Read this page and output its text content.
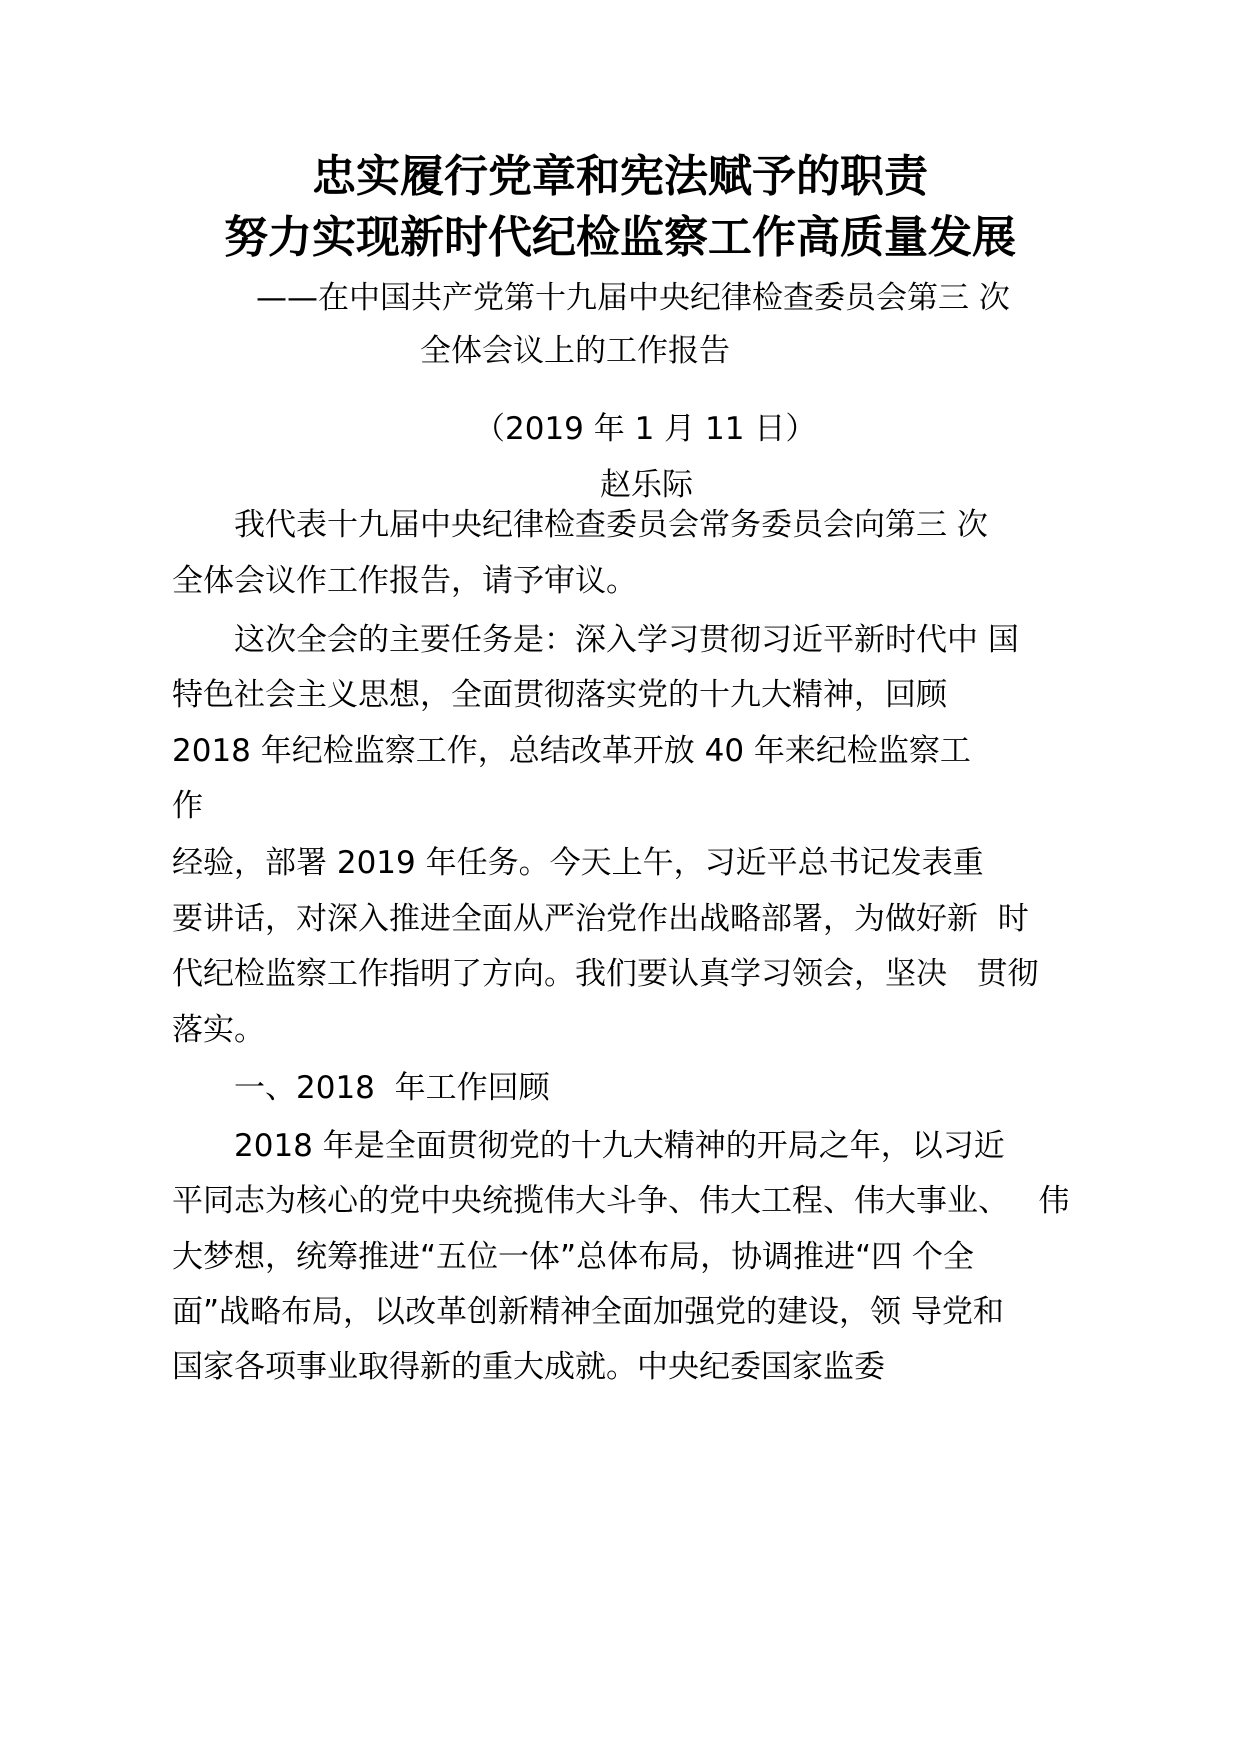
忠实履行党章和宪法赋予的职责
努力实现新时代纪检监察工作高质量发展
——在中国共产党第十九届中央纪律检查委员会第三 次
全体会议上的工作报告
（2019 年 1 月 11 日）
赵乐际
　　我代表十九届中央纪律检查委员会常务委员会向第三 次
全体会议作工作报告，请予审议。
　　这次全会的主要任务是：深入学习贯彻习近平新时代中 国
特色社会主义思想，全面贯彻落实党的十九大精神，回顾
2018 年纪检监察工作，总结改革开放 40 年来纪检监察工
作
经验，部署 2019 年任务。今天上午，习近平总书记发表重
要讲话，对深入推进全面从严治党作出战略部署，为做好新  时
代纪检监察工作指明了方向。我们要认真学习领会，坚决   贯彻
落实。
　　一、2018  年工作回顾
　　2018 年是全面贯彻党的十九大精神的开局之年，以习近
平同志为核心的党中央统揽伟大斗争、伟大工程、伟大事业、   伟
大梦想，统筹推进“五位一体”总体布局，协调推进“四 个全
面”战略布局，以改革创新精神全面加强党的建设，领 导党和
国家各项事业取得新的重大成就。中央纪委国家监委
